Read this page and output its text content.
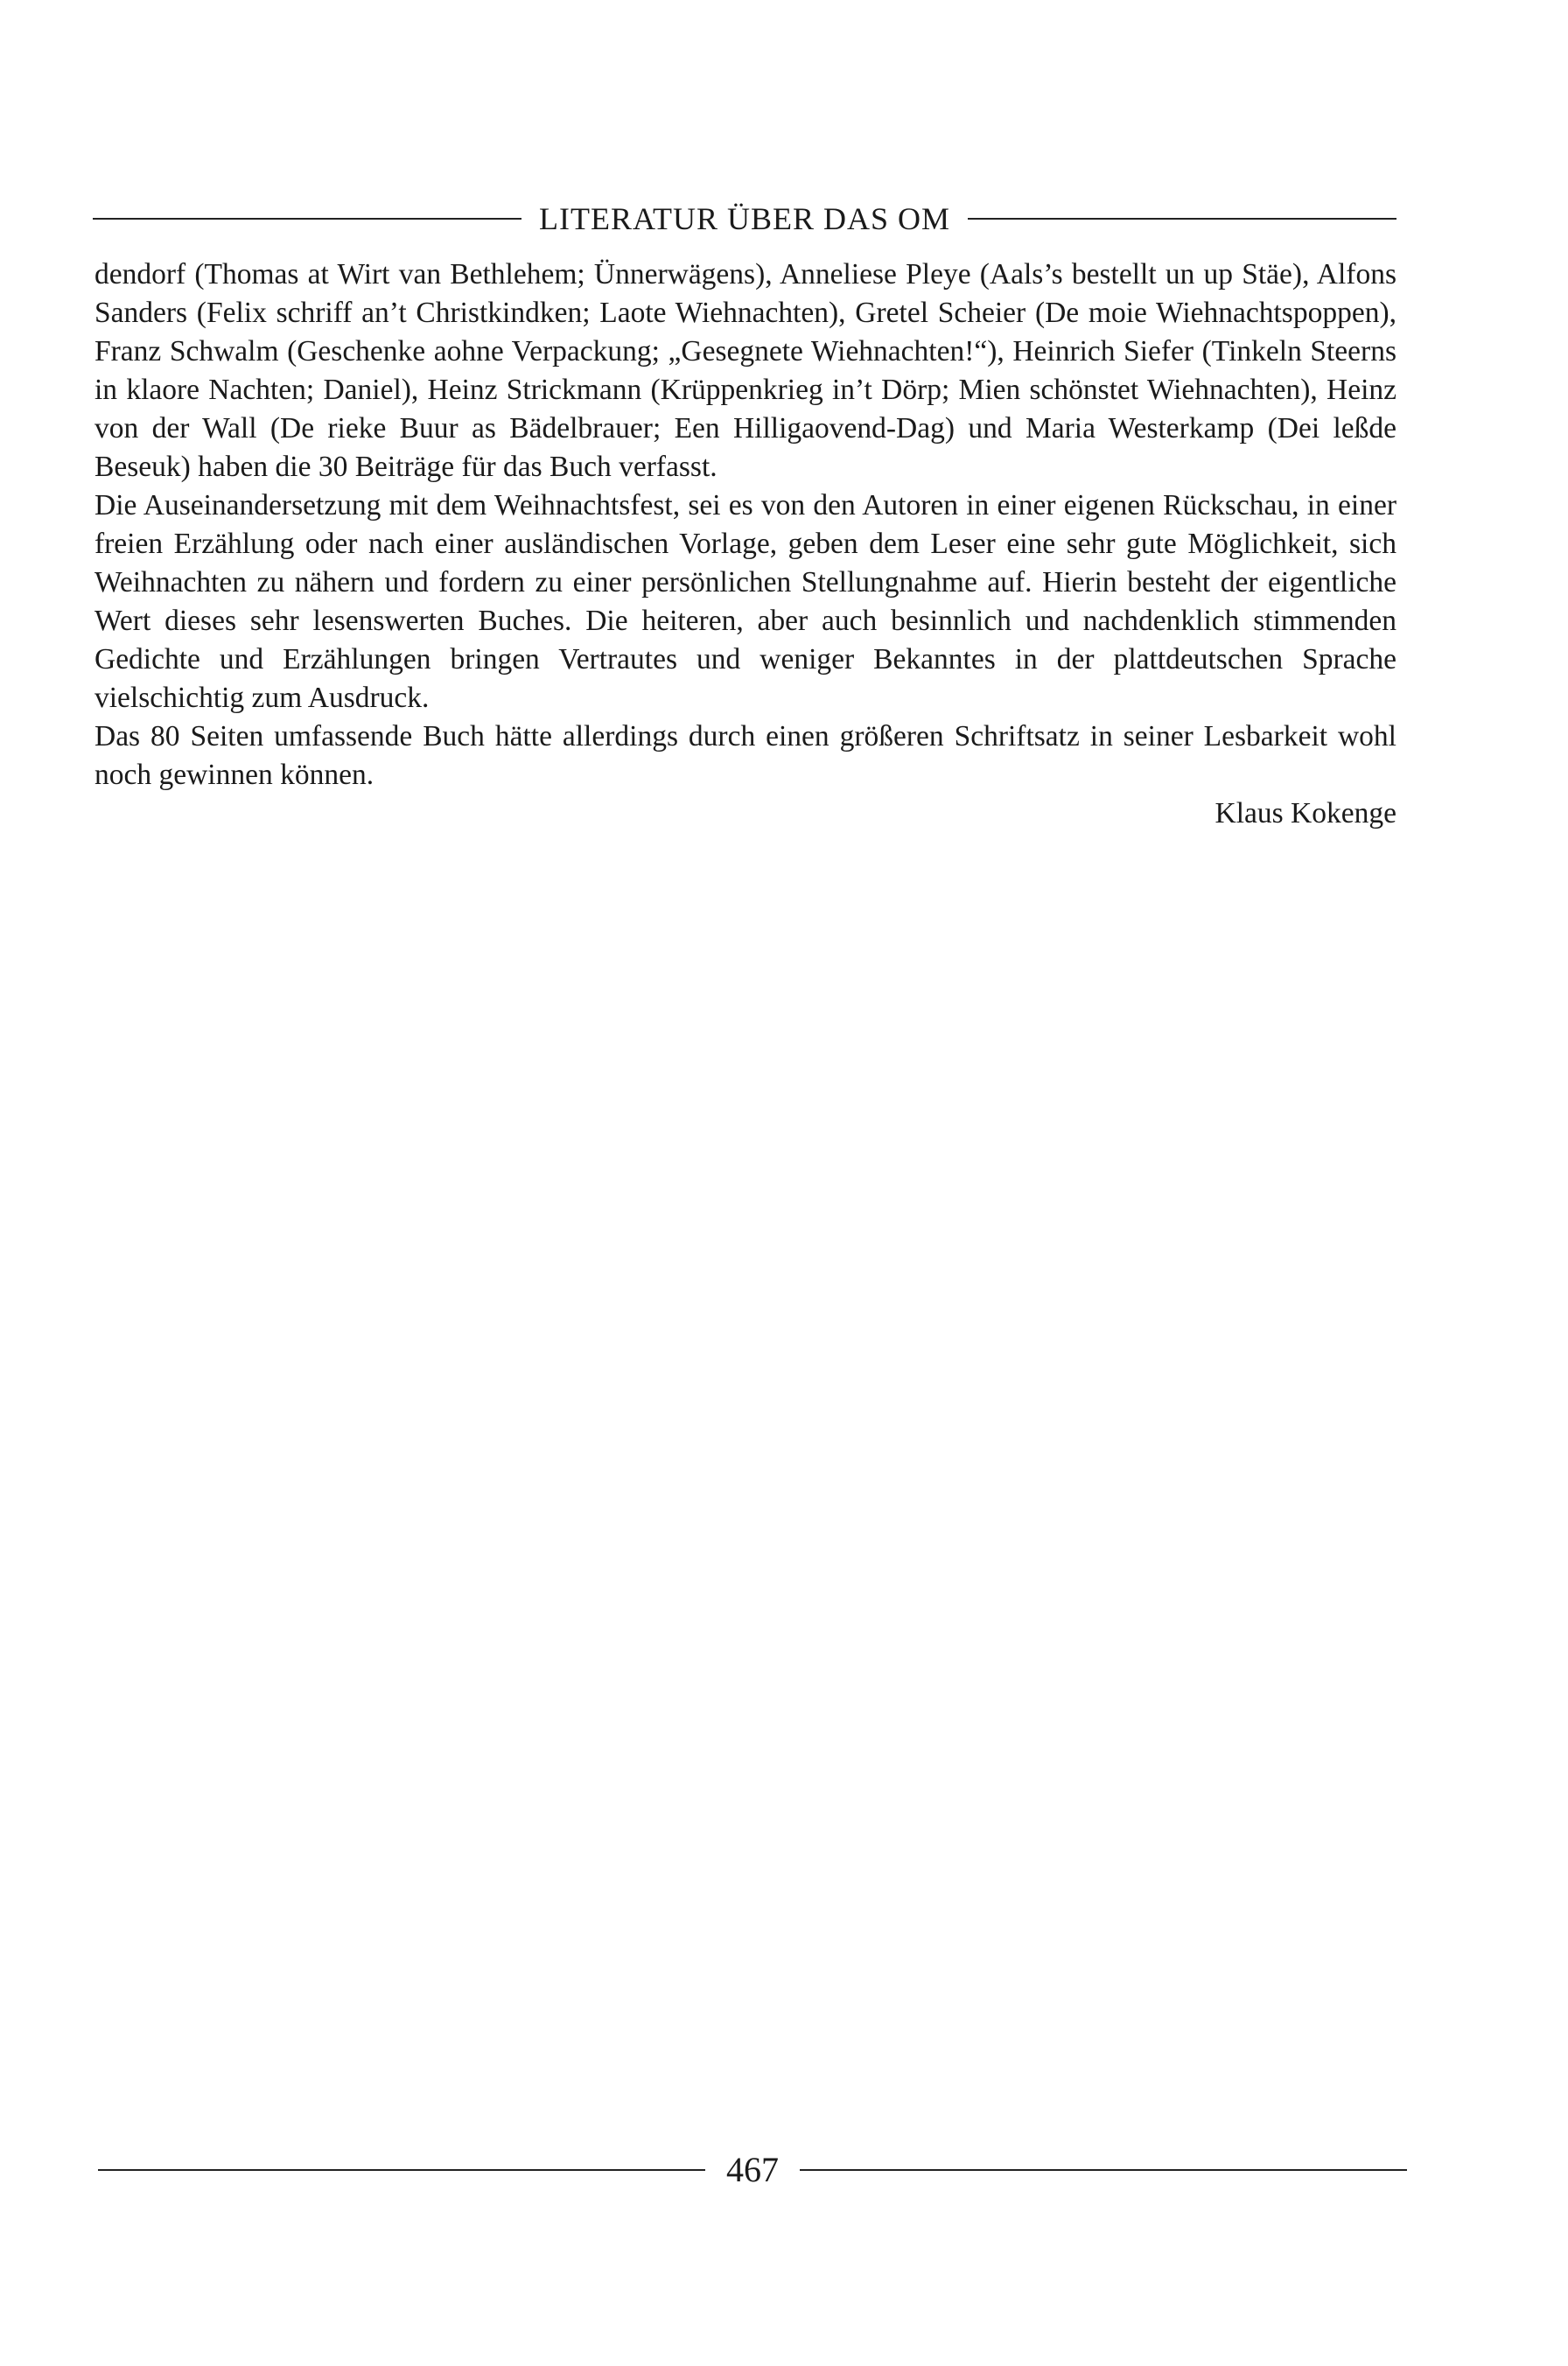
LITERATUR ÜBER DAS OM

dendorf (Thomas at Wirt van Bethlehem; Ünnerwägens), Anneliese Pleye (Aals’s bestellt un up Stäe), Alfons Sanders (Felix schriff an’t Christkindken; Laote Wiehnachten), Gretel Scheier (De moie Wiehnachtspoppen), Franz Schwalm (Geschenke aohne Verpackung; „Gesegnete Wiehnachten!“), Heinrich Siefer (Tinkeln Steerns in klaore Nachten; Daniel), Heinz Strickmann (Krüppenkrieg in’t Dörp; Mien schönstet Wiehnachten), Heinz von der Wall (De rieke Buur as Bädelbrauer; Een Hilligaovend-Dag) und Maria Westerkamp (Dei leßde Beseuk) haben die 30 Beiträge für das Buch verfasst.

Die Auseinandersetzung mit dem Weihnachtsfest, sei es von den Autoren in einer eigenen Rückschau, in einer freien Erzählung oder nach einer ausländischen Vorlage, geben dem Leser eine sehr gute Möglichkeit, sich Weihnachten zu nähern und fordern zu einer persönlichen Stellungnahme auf. Hierin besteht der eigentliche Wert dieses sehr lesenswerten Buches. Die heiteren, aber auch besinnlich und nachdenklich stimmenden Gedichte und Erzählungen bringen Vertrautes und weniger Bekanntes in der plattdeutschen Sprache vielschichtig zum Ausdruck.

Das 80 Seiten umfassende Buch hätte allerdings durch einen größeren Schriftsatz in seiner Lesbarkeit wohl noch gewinnen können.

Klaus Kokenge

467
